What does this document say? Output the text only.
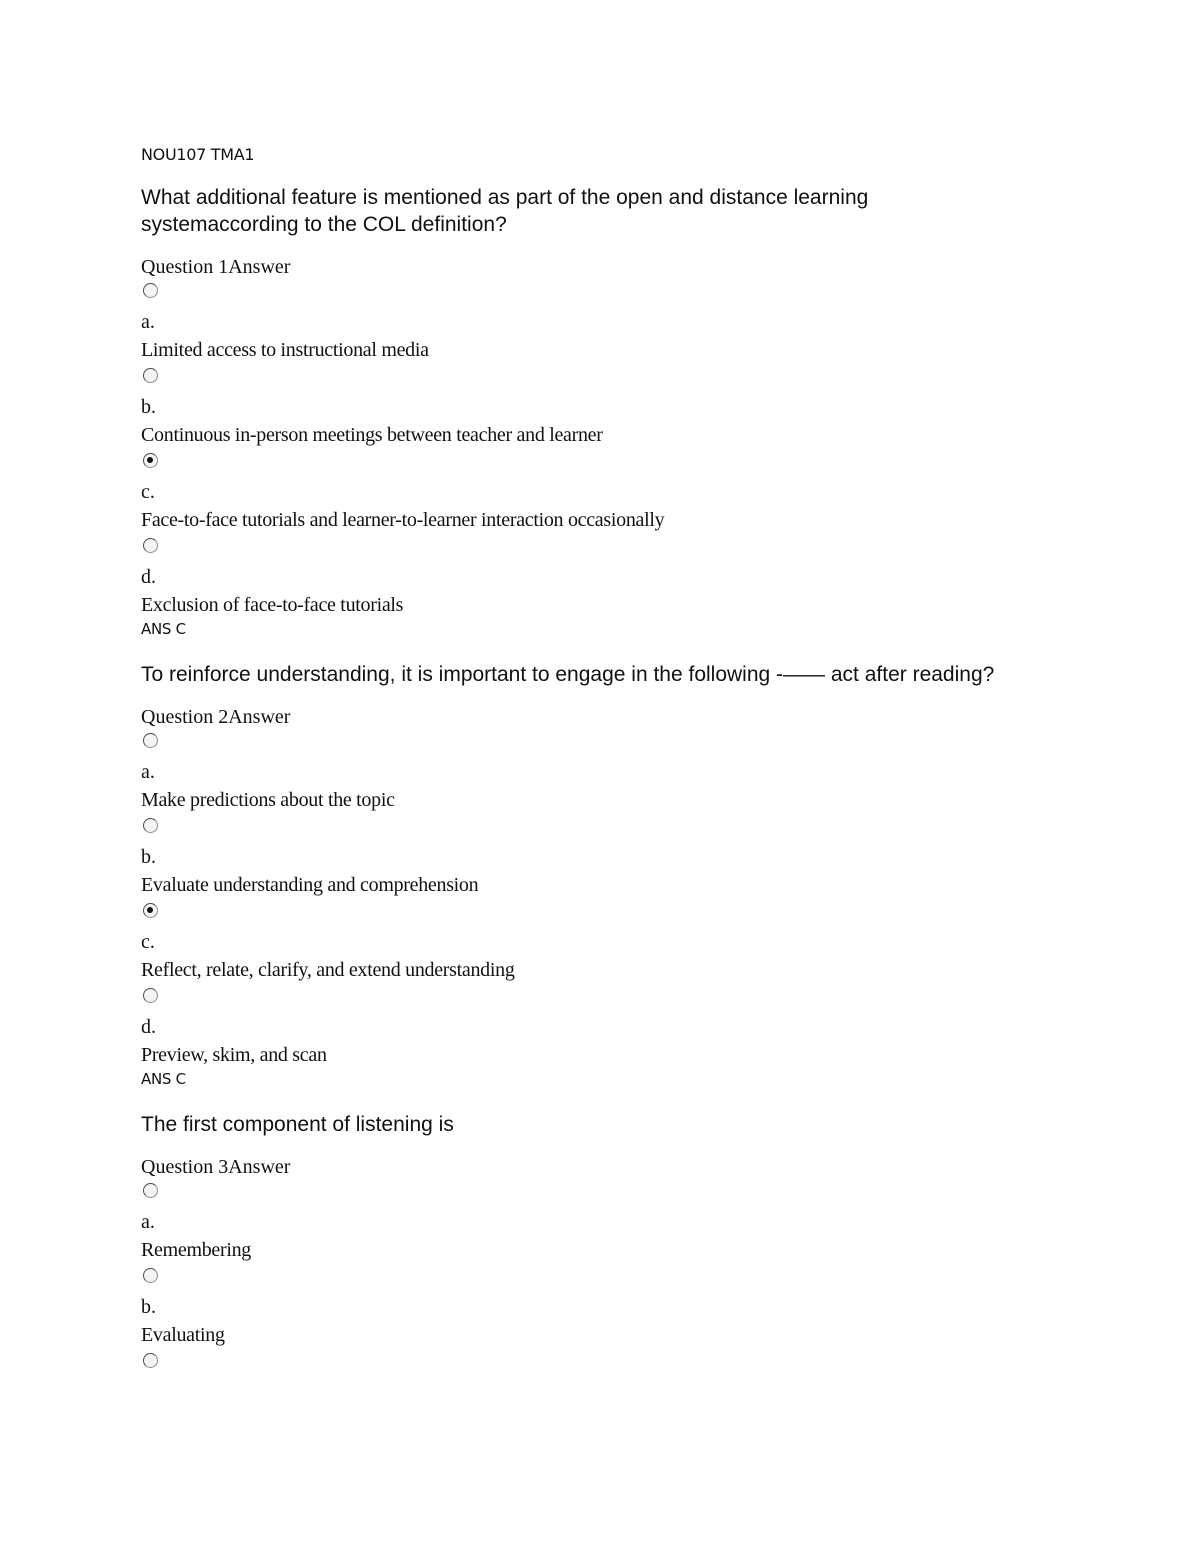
NOU107 TMA1
What additional feature is mentioned as part of the open and distance learning systemaccording to the COL definition?
Question 1Answer
a.
Limited access to instructional media
b.
Continuous in-person meetings between teacher and learner
c.
Face-to-face tutorials and learner-to-learner interaction occasionally
d.
Exclusion of face-to-face tutorials
ANS C
To reinforce understanding, it is important to engage in the following -—— act after reading?
Question 2Answer
a.
Make predictions about the topic
b.
Evaluate understanding and comprehension
c.
Reflect, relate, clarify, and extend understanding
d.
Preview, skim, and scan
ANS C
The first component of listening is
Question 3Answer
a.
Remembering
b.
Evaluating
